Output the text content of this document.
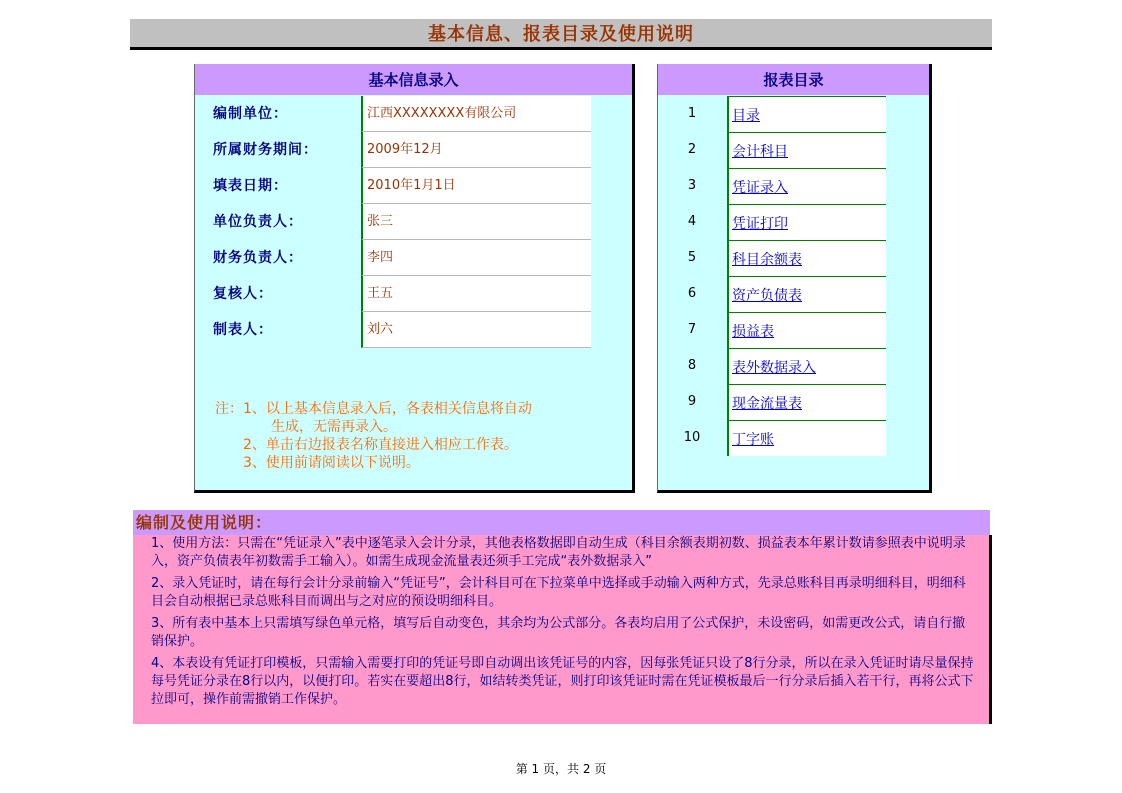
基本信息、报表目录及使用说明
基本信息录入
编制单位：	江西XXXXXXXX有限公司
所属财务期间：	2009年12月
填表日期：	2010年1月1日
单位负责人：	张三
财务负责人：	李四
复核人：	王五
制表人：	刘六
注：1、以上基本信息录入后，各表相关信息将自动
　　　　生成，无需再录入。
　　2、单击右边报表名称直接进入相应工作表。
　　3、使用前请阅读以下说明。
报表目录
1	目录
2	会计科目
3	凭证录入
4	凭证打印
5	科目余额表
6	资产负债表
7	损益表
8	表外数据录入
9	现金流量表
10	丁字账
编制及使用说明：

1、使用方法：只需在“凭证录入”表中逐笔录入会计分录，其他表格数据即自动生成（科目余额表期初数、损益表本年累计数请参照表中说明录入，资产负债表年初数需手工输入）。如需生成现金流量表还须手工完成“表外数据录入”

2、录入凭证时，请在每行会计分录前输入“凭证号”，会计科目可在下拉菜单中选择或手动输入两种方式，先录总账科目再录明细科目，明细科目会自动根据已录总账科目而调出与之对应的预设明细科目。

3、所有表中基本上只需填写绿色单元格，填写后自动变色，其余均为公式部分。各表均启用了公式保护，未设密码，如需更改公式，请自行撤销保护。

4、本表设有凭证打印模板，只需输入需要打印的凭证号即自动调出该凭证号的内容，因每张凭证只设了8行分录，所以在录入凭证时请尽量保持每号凭证分录在8行以内，以便打印。若实在要超出8行，如结转类凭证，则打印该凭证时需在凭证模板最后一行分录后插入若干行，再将公式下拉即可，操作前需撤销工作保护。

第 1 页，共 2 页
